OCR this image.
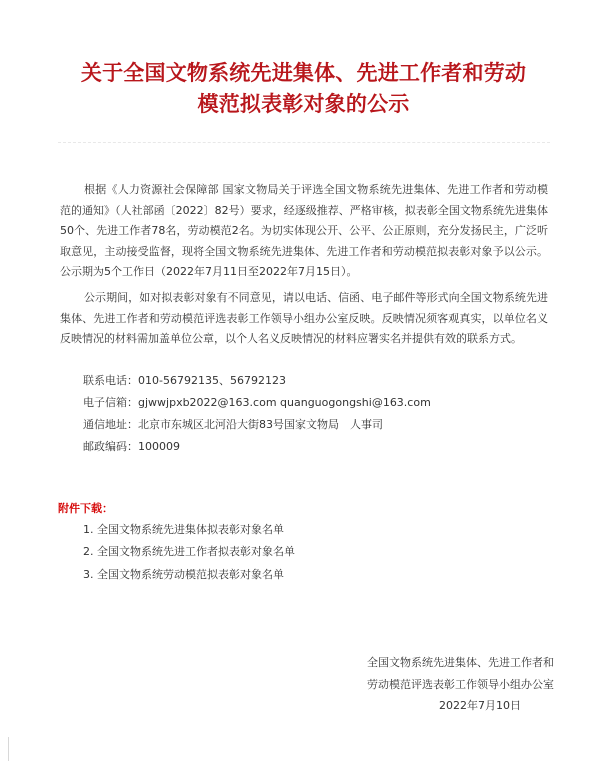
关于全国文物系统先进集体、先进工作者和劳动
模范拟表彰对象的公示

根据《人力资源社会保障部 国家文物局关于评选全国文物系统先进集体、先进工作者和劳动模范的通知》（人社部函〔2022〕82号）要求，经逐级推荐、严格审核，拟表彰全国文物系统先进集体50个、先进工作者78名，劳动模范2名。为切实体现公开、公平、公正原则，充分发扬民主，广泛听取意见，主动接受监督，现将全国文物系统先进集体、先进工作者和劳动模范拟表彰对象予以公示。公示期为5个工作日（2022年7月11日至2022年7月15日）。

公示期间，如对拟表彰对象有不同意见，请以电话、信函、电子邮件等形式向全国文物系统先进集体、先进工作者和劳动模范评选表彰工作领导小组办公室反映。反映情况须客观真实，以单位名义反映情况的材料需加盖单位公章，以个人名义反映情况的材料应署实名并提供有效的联系方式。

联系电话：010-56792135、56792123
电子信箱：gjwwjpxb2022@163.com quanguogongshi@163.com
通信地址：北京市东城区北河沿大街83号国家文物局　人事司
邮政编码：100009
附件下载：
1. 全国文物系统先进集体拟表彰对象名单
2. 全国文物系统先进工作者拟表彰对象名单
3. 全国文物系统劳动模范拟表彰对象名单
全国文物系统先进集体、先进工作者和
劳动模范评选表彰工作领导小组办公室
2022年7月10日
